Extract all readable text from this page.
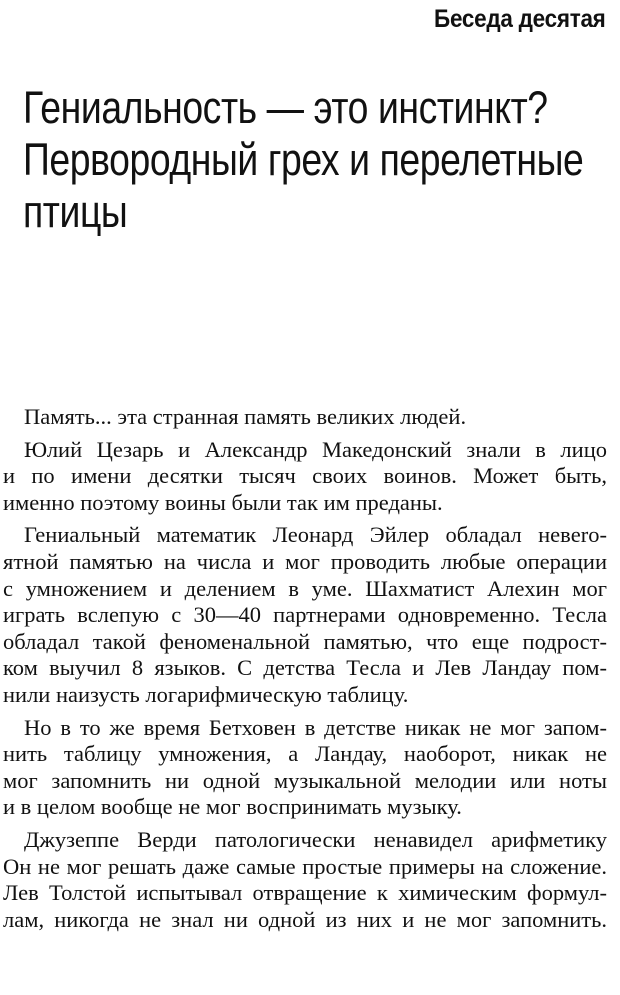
Беседа десятая
Гениальность — это инстинкт?
Первородный грех и перелетные
птицы

Память... эта странная память великих людей.

Юлий Цезарь и Александр Македонский знали в лицо
и по имени десятки тысяч своих воинов. Может быть,
именно поэтому воины были так им преданы.

Гениальный математик Леонард Эйлер обладал невero-
ятной памятью на числа и мог проводить любые операции
с умножением и делением в уме. Шахматист Алехин мог
играть вслепую с 30—40 партнерами одновременно. Тесла
обладал такой феноменальной памятью, что еще подрост-
ком выучил 8 языков. С детства Тесла и Лев Ландау пом-
нили наизусть логарифмическую таблицу.

Но в то же время Бетховен в детстве никак не мог запом-
нить таблицу умножения, а Ландау, наоборот, никак не
мог запомнить ни одной музыкальной мелодии или ноты
и в целом вообще не мог воспринимать музыку.

Джузеппе Верди патологически ненавидел арифметику
Он не мог решать даже самые простые примеры на сложение.
Лев Толстой испытывал отвращение к химическим формул-
лам, никогда не знал ни одной из них и не мог запомнить.
